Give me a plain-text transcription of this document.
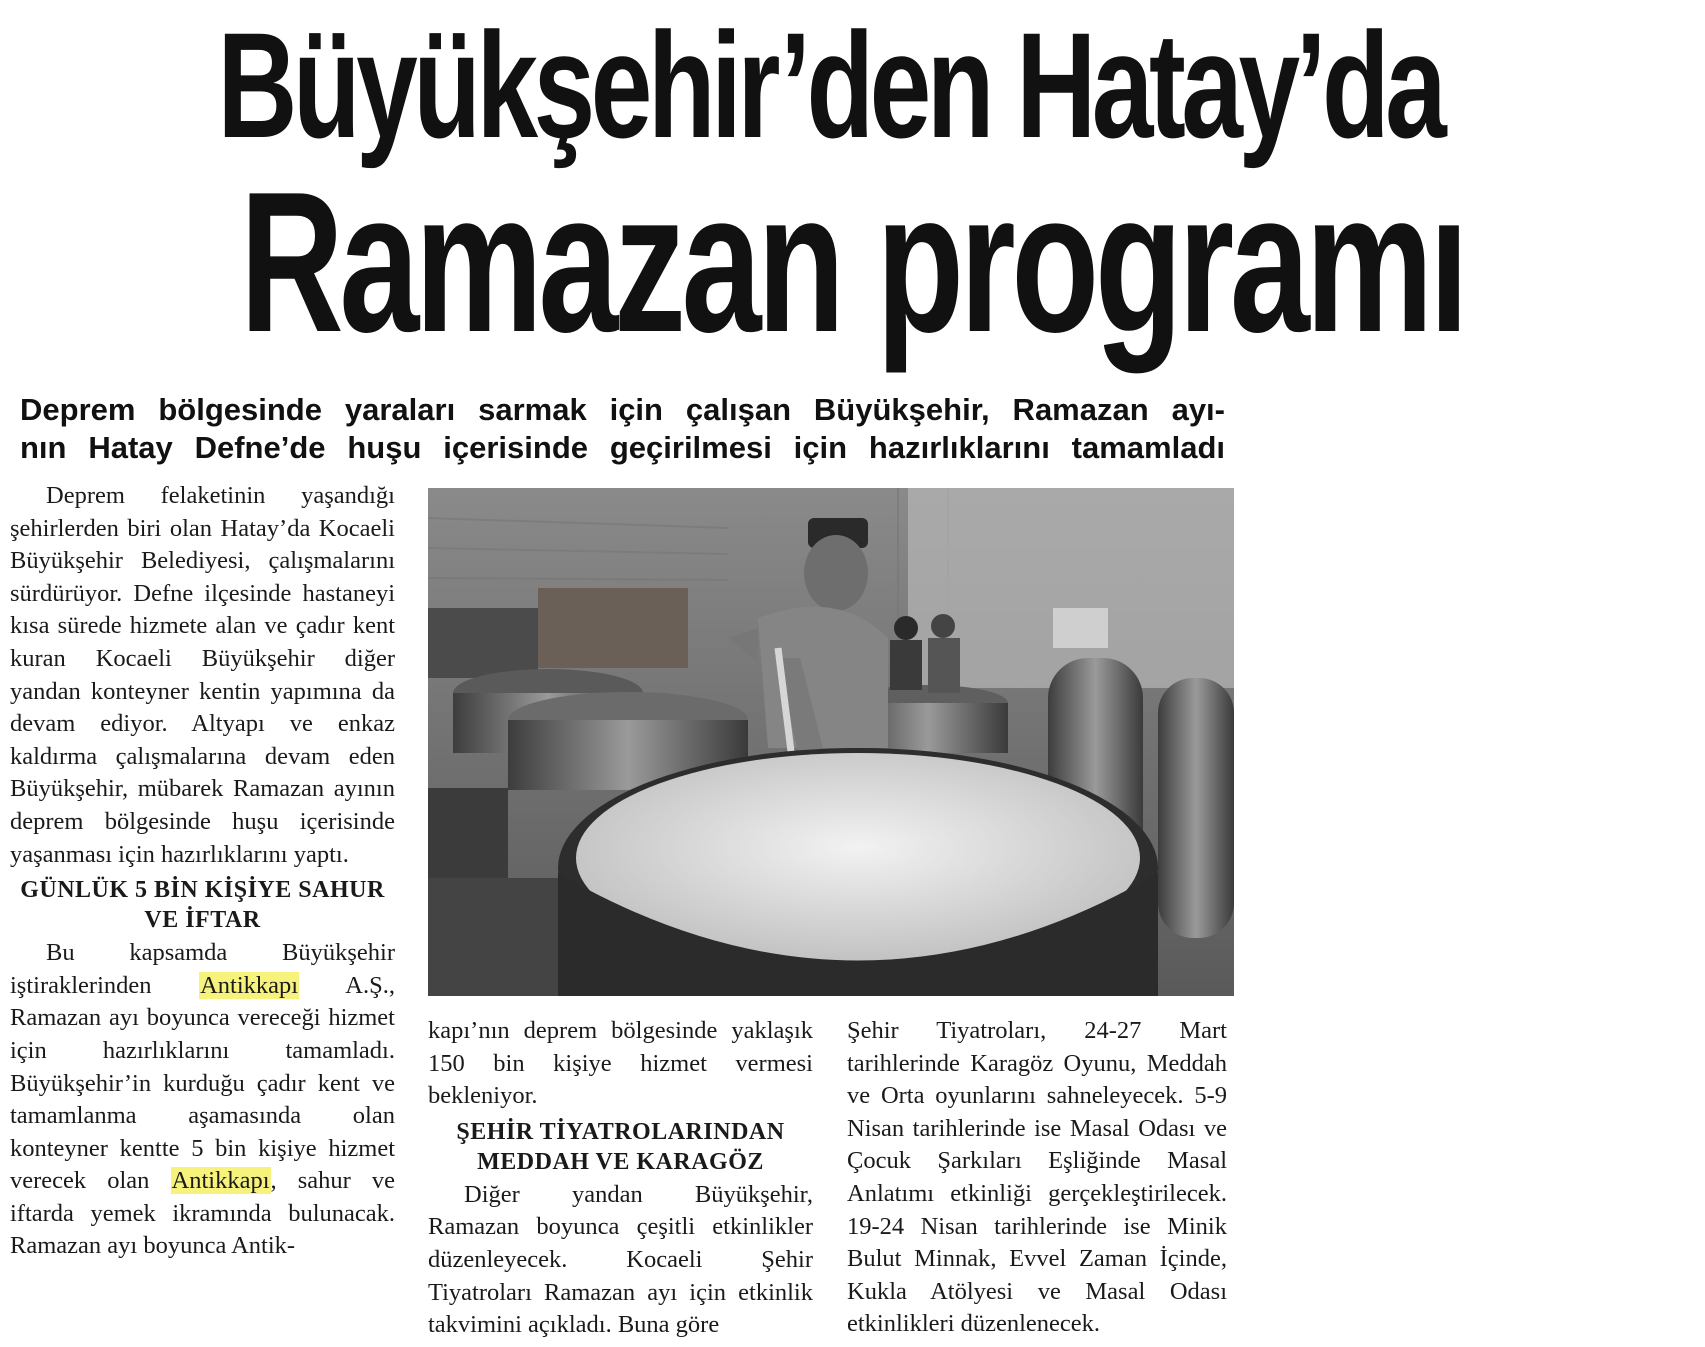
Büyükşehir’den Hatay’da
Ramazan programı
Deprem bölgesinde yaraları sarmak için çalışan Büyükşehir, Ramazan ayı-
nın Hatay Defne’de huşu içerisinde geçirilmesi için hazırlıklarını tamamladı

Deprem felaketinin yaşandığı şehirlerden biri olan Hatay’da Kocaeli Büyükşehir Belediyesi, çalışmalarını sürdürüyor. Defne ilçesinde hastaneyi kısa sürede hizmete alan ve çadır kent kuran Kocaeli Büyükşehir diğer yandan konteyner kentin yapımına da devam ediyor. Altyapı ve enkaz kaldırma çalışmalarına devam eden Büyükşehir, mübarek Ramazan ayının deprem bölgesinde huşu içerisinde yaşanması için hazırlıklarını yaptı.

GÜNLÜK 5 BİN KİŞİYE SAHUR VE İFTAR

Bu kapsamda Büyükşehir iştiraklerinden Antikkapı A.Ş., Ramazan ayı boyunca vereceği hizmet için hazırlıklarını tamamladı. Büyükşehir’in kurduğu çadır kent ve tamamlanma aşamasında olan konteyner kentte 5 bin kişiye hizmet verecek olan Antikkapı, sahur ve iftarda yemek ikramında bulunacak. Ramazan ayı boyunca Antik-

kapı’nın deprem bölgesinde yaklaşık 150 bin kişiye hizmet vermesi bekleniyor.

ŞEHİR TİYATROLARINDAN MEDDAH VE KARAGÖZ

Diğer yandan Büyükşehir, Ramazan boyunca çeşitli etkinlikler düzenleyecek. Kocaeli Şehir Tiyatroları Ramazan ayı için etkinlik takvimini açıkladı. Buna göre

Şehir Tiyatroları, 24-27 Mart tarihlerinde Karagöz Oyunu, Meddah ve Orta oyunlarını sahneleyecek. 5-9 Nisan tarihlerinde ise Masal Odası ve Çocuk Şarkıları Eşliğinde Masal Anlatımı etkinliği gerçekleştirilecek. 19-24 Nisan tarihlerinde ise Minik Bulut Minnak, Evvel Zaman İçinde, Kukla Atölyesi ve Masal Odası etkinlikleri düzenlenecek.
